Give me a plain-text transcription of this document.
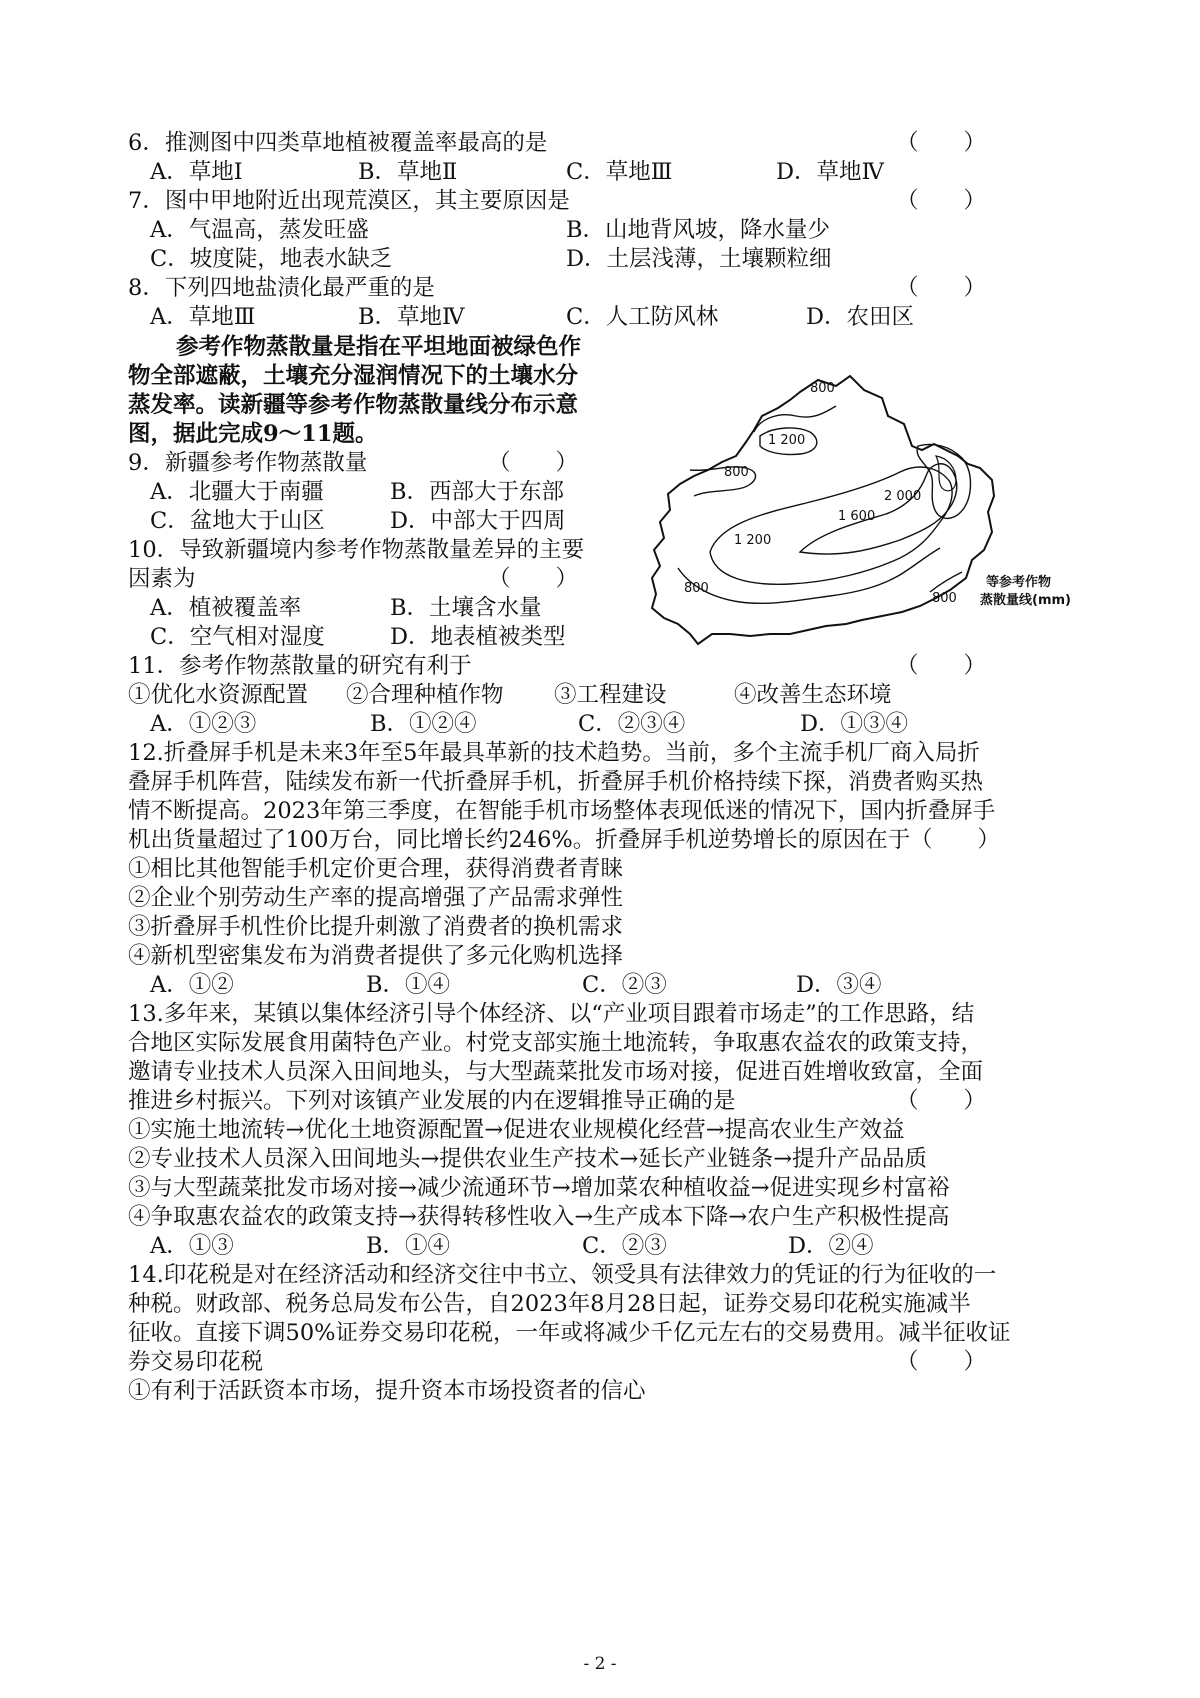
6．推测图中四类草地植被覆盖率最高的是	（　　）
A．草地Ⅰ	B．草地Ⅱ	C．草地Ⅲ	D．草地Ⅳ
7．图中甲地附近出现荒漠区，其主要原因是	（　　）
A．气温高，蒸发旺盛	B．山地背风坡，降水量少
C．坡度陡，地表水缺乏	D．土层浅薄，土壤颗粒细
8．下列四地盐渍化最严重的是	（　　）
A．草地Ⅲ	B．草地Ⅳ	C．人工防风林	D．农田区
参考作物蒸散量是指在平坦地面被绿色作
物全部遮蔽，土壤充分湿润情况下的土壤水分
蒸发率。读新疆等参考作物蒸散量线分布示意
图，据此完成9～11题。
9．新疆参考作物蒸散量	（　　）
A．北疆大于南疆	B．西部大于东部
C．盆地大于山区	D．中部大于四周
10．导致新疆境内参考作物蒸散量差异的主要
因素为	（　　）
A．植被覆盖率	B．土壤含水量
C．空气相对湿度	D．地表植被类型
800
1 200
800
2 000
1 600
1 200
800
800
等参考作物
蒸散量线(mm)
11．参考作物蒸散量的研究有利于	（　　）
①优化水资源配置 ②合理种植作物 ③工程建设	④改善生态环境
A．①②③	B．①②④	C．②③④	D．①③④
12.折叠屏手机是未来3年至5年最具革新的技术趋势。当前，多个主流手机厂商入局折
叠屏手机阵营，陆续发布新一代折叠屏手机，折叠屏手机价格持续下探，消费者购买热
情不断提高。2023年第三季度，在智能手机市场整体表现低迷的情况下，国内折叠屏手
机出货量超过了100万台，同比增长约246%。折叠屏手机逆势增长的原因在于 （　　）
①相比其他智能手机定价更合理，获得消费者青睐
②企业个别劳动生产率的提高增强了产品需求弹性
③折叠屏手机性价比提升刺激了消费者的换机需求
④新机型密集发布为消费者提供了多元化购机选择
A．①②	B．①④	C．②③	D．③④
13.多年来，某镇以集体经济引导个体经济、以“产业项目跟着市场走”的工作思路，结
合地区实际发展食用菌特色产业。村党支部实施土地流转，争取惠农益农的政策支持，
邀请专业技术人员深入田间地头，与大型蔬菜批发市场对接，促进百姓增收致富，全面
推进乡村振兴。下列对该镇产业发展的内在逻辑推导正确的是	（　　）
①实施土地流转→优化土地资源配置→促进农业规模化经营→提高农业生产效益
②专业技术人员深入田间地头→提供农业生产技术→延长产业链条→提升产品品质
③与大型蔬菜批发市场对接→减少流通环节→增加菜农种植收益→促进实现乡村富裕
④争取惠农益农的政策支持→获得转移性收入→生产成本下降→农户生产积极性提高
A．①③	B．①④	C．②③	D．②④
14.印花税是对在经济活动和经济交往中书立、领受具有法律效力的凭证的行为征收的一
种税。财政部、税务总局发布公告，自2023年8月28日起，证券交易印花税实施减半
征收。直接下调50%证券交易印花税，一年或将减少千亿元左右的交易费用。减半征收证
券交易印花税	（　　）
①有利于活跃资本市场，提升资本市场投资者的信心
- 2 -
